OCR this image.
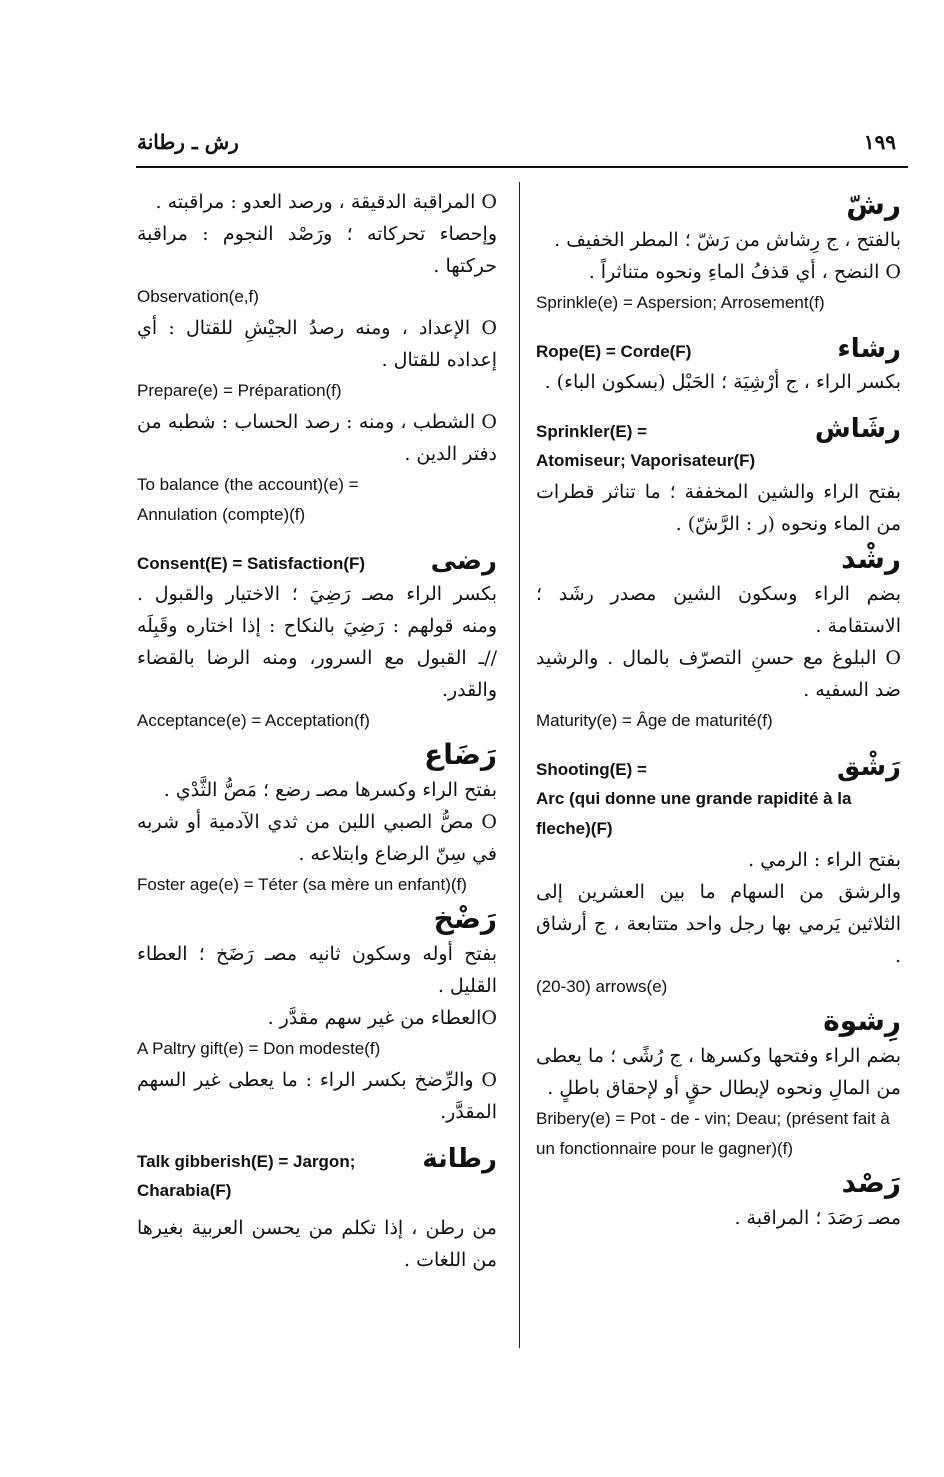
رش ـ رطانة	١٩٩
O المراقبة الدقيقة ، ورصد العدو : مراقبته .
وإحصاء تحركاته ؛ ورَصْد النجوم : مراقبة حركتها .
Observation(e,f)
O الإعداد ، ومنه رصدُ الجيْشِ للقتال : أي إعداده للقتال .
Prepare(e) = Préparation(f)
O الشطب ، ومنه : رصد الحساب : شطبه من دفتر الدين .
To balance (the account)(e) =
Annulation (compte)(f)
Consent(E) = Satisfaction(F)	رضى
بكسر الراء مصـ رَضِيَ ؛ الاختيار والقبول . ومنه قولهم : رَضِيَ بالنكاح : إذا اختاره وقَبِلَه //ـ القبول مع السرور، ومنه الرضا بالقضاء والقدر.
Acceptance(e) = Acceptation(f)
رَضَاع
بفتح الراء وكسرها مصـ رضع ؛ مَصُّ الثَّدْي .
O مصُّ الصبي اللبن من ثدي الآدمية أو شربه في سِنّ الرضاع وابتلاعه .
Foster age(e) = Téter (sa mère un enfant)(f)
رَضْخ
بفتح أوله وسكون ثانيه مصـ رَضَخ ؛ العطاء القليل .
Oالعطاء من غير سهم مقدَّر .
A Paltry gift(e) = Don modeste(f)
O والرِّضخ بكسر الراء : ما يعطى غير السهم المقدَّر.
Talk gibberish(E) = Jargon;	رطانة
Charabia(F)
من رطن ، إذا تكلم من يحسن العربية بغيرها من اللغات .
رشّ
بالفتح ، ج رِشاش من رَشّ ؛ المطر الخفيف .
O النضح ، أي قذفُ الماءِ ونحوه متناثراً .
Sprinkle(e) = Aspersion; Arrosement(f)
Rope(E) = Corde(F)	رشاء
بكسر الراء ، ج أرْشِيَة ؛ الحَبْل (بسكون الباء) .
Sprinkler(E) =	رشَاش
Atomiseur; Vaporisateur(F)
بفتح الراء والشين المخففة ؛ ما تناثر قطرات من الماء ونحوه (ر : الرَّشّ) .
رشْد
بضم الراء وسكون الشين مصدر رشَد ؛ الاستقامة .
O البلوغ مع حسنِ التصرّف بالمال . والرشيد ضد السفيه .
Maturity(e) = Âge de maturité(f)
Shooting(E) =	رَشْق
Arc (qui donne une grande rapidité à la fleche)(F)
بفتح الراء : الرمي .
والرشق من السهام ما بين العشرين إلى الثلاثين يَرمي بها رجل واحد متتابعة ، ج أرشاق .
(20-30) arrows(e)
رِشوة
بضم الراء وفتحها وكسرها ، ج رُشًى ؛ ما يعطى من المالِ ونحوه لإبطال حقٍ أو لإحقاق باطلٍ .
Bribery(e) = Pot - de - vin; Deau; (présent fait à un fonctionnaire pour le gagner)(f)
رَصْد
مصـ رَصَدَ ؛ المراقبة .
